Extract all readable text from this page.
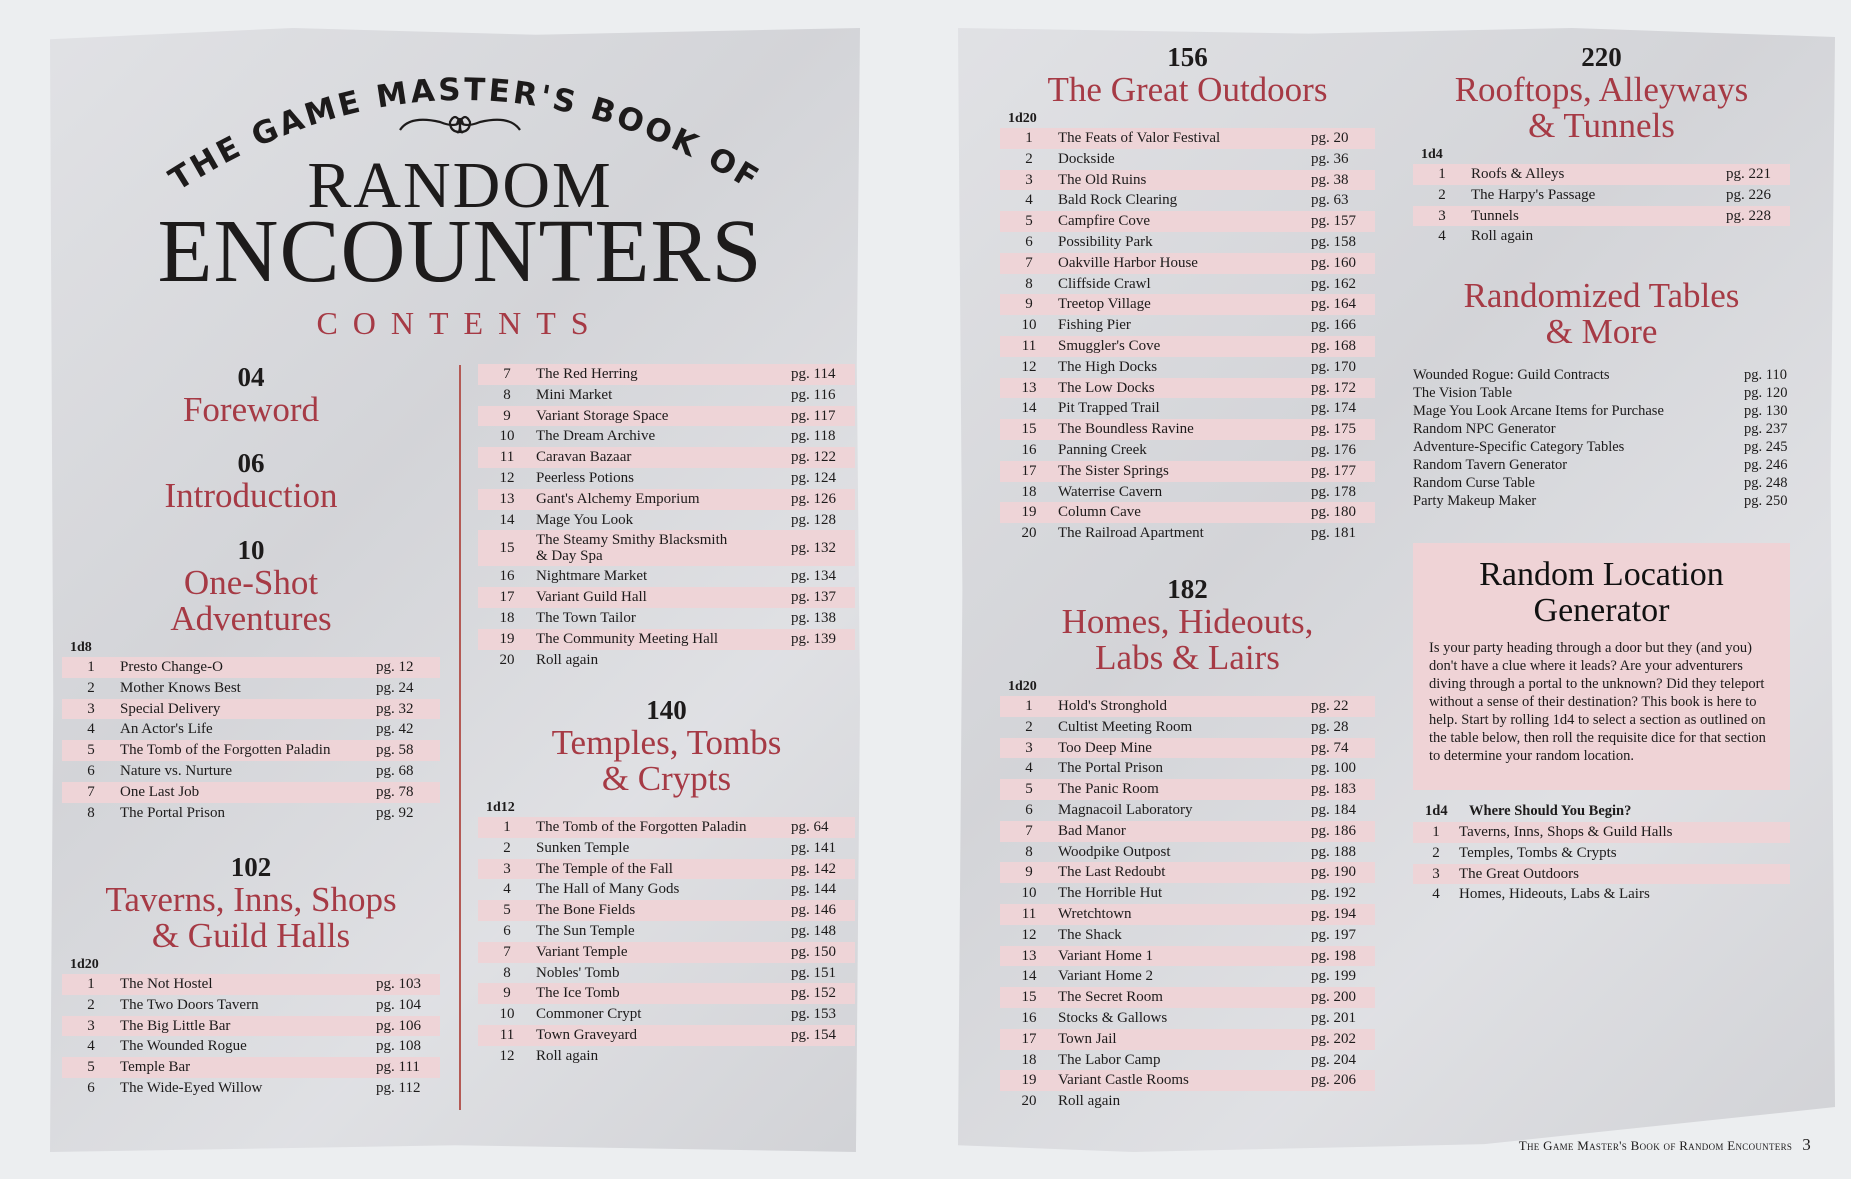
THE GAME MASTER'S BOOK OF
RANDOM
ENCOUNTERS
CONTENTS
04
Foreword
06
Introduction
10
One-Shot
Adventures
1d8
1	Presto Change-O	pg. 12
2	Mother Knows Best	pg. 24
3	Special Delivery	pg. 32
4	An Actor's Life	pg. 42
5	The Tomb of the Forgotten Paladin	pg. 58
6	Nature vs. Nurture	pg. 68
7	One Last Job	pg. 78
8	The Portal Prison	pg. 92
102
Taverns, Inns, Shops
& Guild Halls
1d20
1	The Not Hostel	pg. 103
2	The Two Doors Tavern	pg. 104
3	The Big Little Bar	pg. 106
4	The Wounded Rogue	pg. 108
5	Temple Bar	pg. 111
6	The Wide-Eyed Willow	pg. 112
7	The Red Herring	pg. 114
8	Mini Market	pg. 116
9	Variant Storage Space	pg. 117
10	The Dream Archive	pg. 118
11	Caravan Bazaar	pg. 122
12	Peerless Potions	pg. 124
13	Gant's Alchemy Emporium	pg. 126
14	Mage You Look	pg. 128
15	The Steamy Smithy Blacksmith
& Day Spa	pg. 132
16	Nightmare Market	pg. 134
17	Variant Guild Hall	pg. 137
18	The Town Tailor	pg. 138
19	The Community Meeting Hall	pg. 139
20	Roll again
140
Temples, Tombs
& Crypts
1d12
1	The Tomb of the Forgotten Paladin	pg. 64
2	Sunken Temple	pg. 141
3	The Temple of the Fall	pg. 142
4	The Hall of Many Gods	pg. 144
5	The Bone Fields	pg. 146
6	The Sun Temple	pg. 148
7	Variant Temple	pg. 150
8	Nobles' Tomb	pg. 151
9	The Ice Tomb	pg. 152
10	Commoner Crypt	pg. 153
11	Town Graveyard	pg. 154
12	Roll again
156
The Great Outdoors
1d20
1	The Feats of Valor Festival	pg. 20
2	Dockside	pg. 36
3	The Old Ruins	pg. 38
4	Bald Rock Clearing	pg. 63
5	Campfire Cove	pg. 157
6	Possibility Park	pg. 158
7	Oakville Harbor House	pg. 160
8	Cliffside Crawl	pg. 162
9	Treetop Village	pg. 164
10	Fishing Pier	pg. 166
11	Smuggler's Cove	pg. 168
12	The High Docks	pg. 170
13	The Low Docks	pg. 172
14	Pit Trapped Trail	pg. 174
15	The Boundless Ravine	pg. 175
16	Panning Creek	pg. 176
17	The Sister Springs	pg. 177
18	Waterrise Cavern	pg. 178
19	Column Cave	pg. 180
20	The Railroad Apartment	pg. 181
182
Homes, Hideouts,
Labs & Lairs
1d20
1	Hold's Stronghold	pg. 22
2	Cultist Meeting Room	pg. 28
3	Too Deep Mine	pg. 74
4	The Portal Prison	pg. 100
5	The Panic Room	pg. 183
6	Magnacoil Laboratory	pg. 184
7	Bad Manor	pg. 186
8	Woodpike Outpost	pg. 188
9	The Last Redoubt	pg. 190
10	The Horrible Hut	pg. 192
11	Wretchtown	pg. 194
12	The Shack	pg. 197
13	Variant Home 1	pg. 198
14	Variant Home 2	pg. 199
15	The Secret Room	pg. 200
16	Stocks & Gallows	pg. 201
17	Town Jail	pg. 202
18	The Labor Camp	pg. 204
19	Variant Castle Rooms	pg. 206
20	Roll again
220
Rooftops, Alleyways
& Tunnels
1d4
1	Roofs & Alleys	pg. 221
2	The Harpy's Passage	pg. 226
3	Tunnels	pg. 228
4	Roll again
Randomized Tables
& More
Wounded Rogue: Guild Contracts	pg. 110
The Vision Table	pg. 120
Mage You Look Arcane Items for Purchase	pg. 130
Random NPC Generator	pg. 237
Adventure-Specific Category Tables	pg. 245
Random Tavern Generator	pg. 246
Random Curse Table	pg. 248
Party Makeup Maker	pg. 250
Random Location Generator
Is your party heading through a door but they (and you) don't have a clue where it leads? Are your adventurers diving through a portal to the unknown? Did they teleport without a sense of their destination? This book is here to help. Start by rolling 1d4 to select a section as outlined on the table below, then roll the requisite dice for that section to determine your random location.
1d4	Where Should You Begin?
1	Taverns, Inns, Shops & Guild Halls
2	Temples, Tombs & Crypts
3	The Great Outdoors
4	Homes, Hideouts, Labs & Lairs
The Game Master's Book of Random Encounters 3
